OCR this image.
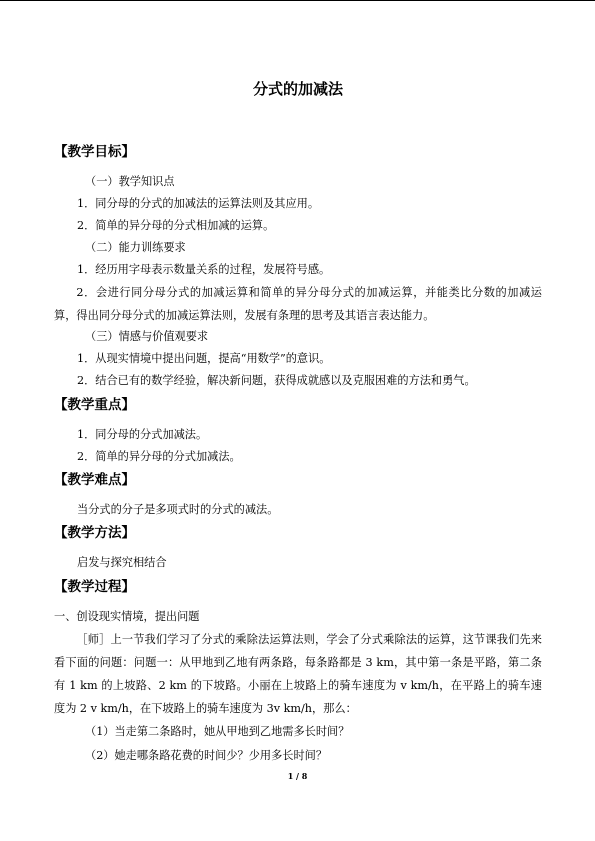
分式的加减法
【教学目标】
（一）教学知识点
1．同分母的分式的加减法的运算法则及其应用。
2．简单的异分母的分式相加减的运算。
（二）能力训练要求
1．经历用字母表示数量关系的过程，发展符号感。
2．会进行同分母分式的加减运算和简单的异分母分式的加减运算，并能类比分数的加减运算，得出同分母分式的加减运算法则，发展有条理的思考及其语言表达能力。
（三）情感与价值观要求
1．从现实情境中提出问题，提高“用数学”的意识。
2．结合已有的数学经验，解决新问题，获得成就感以及克服困难的方法和勇气。
【教学重点】
1．同分母的分式加减法。
2．简单的异分母的分式加减法。
【教学难点】
当分式的分子是多项式时的分式的减法。
【教学方法】
启发与探究相结合
【教学过程】
一、创设现实情境，提出问题
［师］上一节我们学习了分式的乘除法运算法则，学会了分式乘除法的运算，这节课我们先来看下面的问题：问题一：从甲地到乙地有两条路，每条路都是 3 km，其中第一条是平路，第二条有 1 km 的上坡路、2 km 的下坡路。小丽在上坡路上的骑车速度为 v km/h，在平路上的骑车速度为 2 v km/h，在下坡路上的骑车速度为 3v km/h，那么：
（1）当走第二条路时，她从甲地到乙地需多长时间？
（2）她走哪条路花费的时间少？少用多长时间？
1 / 8
